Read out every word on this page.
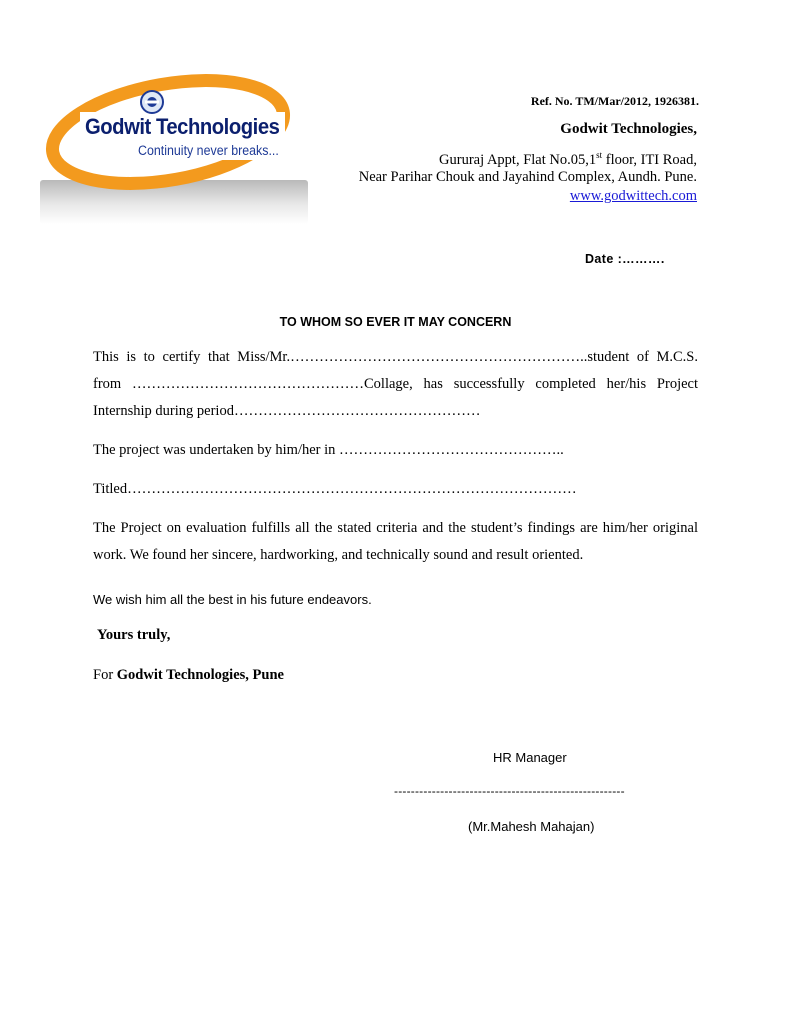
Godwit Technologies
Continuity never breaks...
Ref. No. TM/Mar/2012, 1926381.
Godwit Technologies,
Gururaj Appt, Flat No.05,1st floor, ITI Road,
Near Parihar Chouk and Jayahind Complex, Aundh. Pune.
www.godwittech.com
Date :……….
TO WHOM SO EVER IT MAY CONCERN
This is to certify that Miss/Mr.……………………………………………………..student of M.C.S. from …………………………………………Collage, has successfully completed her/his Project Internship during period……………………………………………
The project was undertaken by him/her in ………………………………………..
Titled…………………………………………………………………………………
The Project on evaluation fulfills all the stated criteria and the student’s findings are him/her original work. We found her sincere, hardworking, and technically sound and result oriented.
We wish him all the best in his future endeavors.
Yours truly,
For Godwit Technologies, Pune
HR Manager
-------------------------------------------------------
(Mr.Mahesh Mahajan)
